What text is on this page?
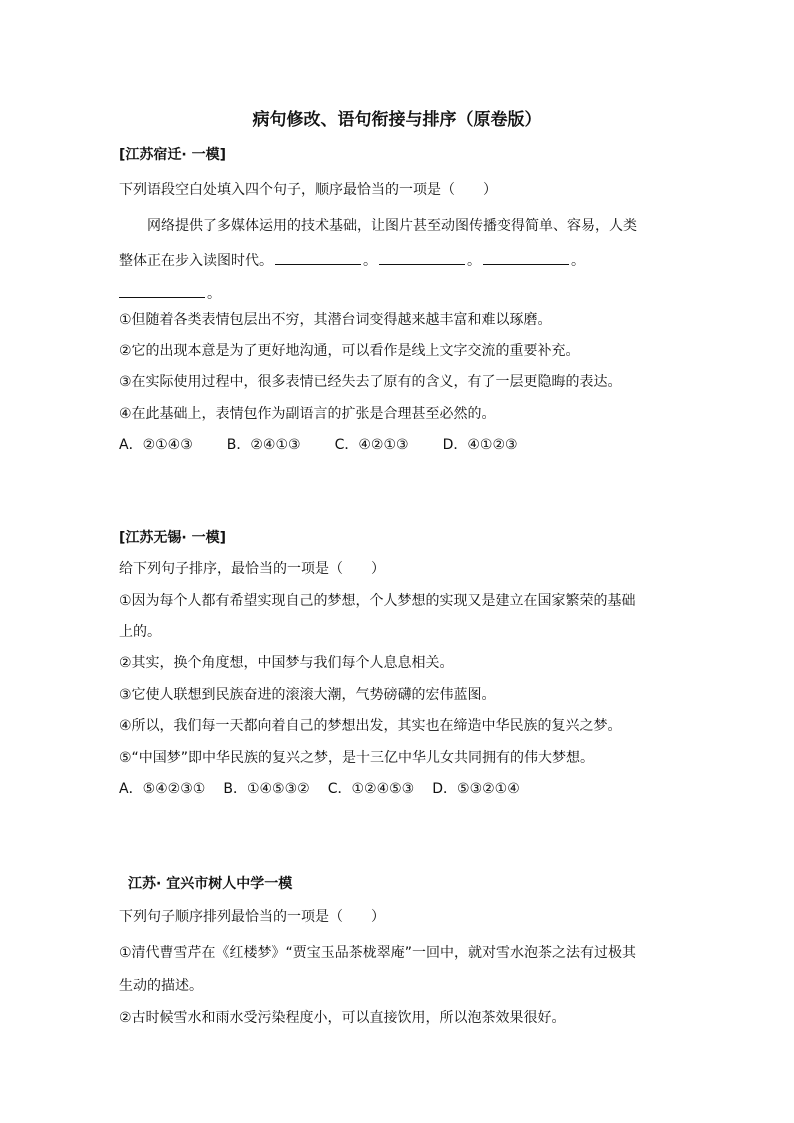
病句修改、语句衔接与排序（原卷版）
[江苏宿迁· 一模]
下列语段空白处填入四个句子，顺序最恰当的一项是（　　）
网络提供了多媒体运用的技术基础，让图片甚至动图传播变得简单、容易，人类
整体正在步入读图时代。	。	。	。
。
①但随着各类表情包层出不穷，其潜台词变得越来越丰富和难以琢磨。
②它的出现本意是为了更好地沟通，可以看作是线上文字交流的重要补充。
③在实际使用过程中，很多表情已经失去了原有的含义，有了一层更隐晦的表达。
④在此基础上，表情包作为副语言的扩张是合理甚至必然的。
A．②①④③ B．②④①③ C．④②①③ D．④①②③
[江苏无锡· 一模]
给下列句子排序，最恰当的一项是（　　）
①因为每个人都有希望实现自己的梦想，个人梦想的实现又是建立在国家繁荣的基础
上的。
②其实，换个角度想，中国梦与我们每个人息息相关。
③它使人联想到民族奋进的滚滚大潮，气势磅礴的宏伟蓝图。
④所以，我们每一天都向着自己的梦想出发，其实也在缔造中华民族的复兴之梦。
⑤“中国梦”即中华民族的复兴之梦，是十三亿中华儿女共同拥有的伟大梦想。
A．⑤④②③① B．①④⑤③② C．①②④⑤③ D．⑤③②①④
江苏· 宜兴市树人中学一模
下列句子顺序排列最恰当的一项是（　　）
①清代曹雪芹在《红楼梦》“贾宝玉品茶栊翠庵”一回中，就对雪水泡茶之法有过极其
生动的描述。
②古时候雪水和雨水受污染程度小，可以直接饮用，所以泡茶效果很好。
